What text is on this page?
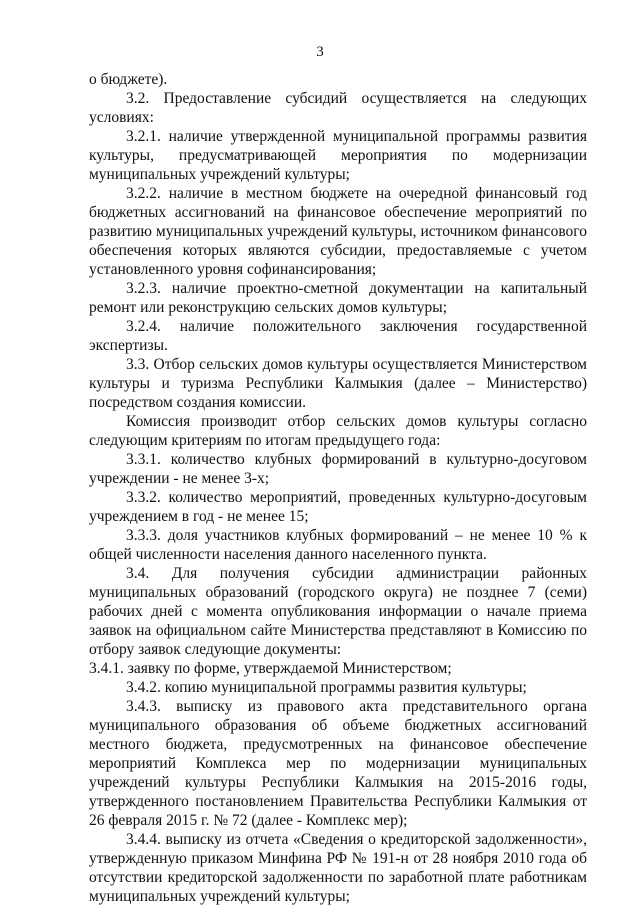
3

о бюджете).

3.2. Предоставление субсидий осуществляется на следующих условиях:

3.2.1. наличие утвержденной муниципальной программы развития культуры, предусматривающей мероприятия по модернизации муниципальных учреждений культуры;

3.2.2. наличие в местном бюджете на очередной финансовый год бюджетных ассигнований на финансовое обеспечение мероприятий по развитию муниципальных учреждений культуры, источником финансового обеспечения которых являются субсидии, предоставляемые с учетом установленного уровня софинансирования;

3.2.3. наличие проектно-сметной документации на капитальный ремонт или реконструкцию сельских домов культуры;

3.2.4. наличие положительного заключения государственной экспертизы.

3.3. Отбор сельских домов культуры осуществляется Министерством культуры и туризма Республики Калмыкия (далее – Министерство) посредством создания комиссии.

Комиссия производит отбор сельских домов культуры согласно следующим критериям по итогам предыдущего года:

3.3.1. количество клубных формирований в культурно-досуговом учреждении - не менее 3-х;

3.3.2. количество мероприятий, проведенных культурно-досуговым учреждением в год - не менее 15;

3.3.3. доля участников клубных формирований – не менее 10 % к общей численности населения данного населенного пункта.

3.4. Для получения субсидии администрации районных муниципальных образований (городского округа) не позднее 7 (семи) рабочих дней с момента опубликования информации о начале приема заявок на официальном сайте Министерства представляют в Комиссию по отбору заявок следующие документы:

3.4.1. заявку по форме, утверждаемой Министерством;

3.4.2. копию муниципальной программы развития культуры;

3.4.3. выписку из правового акта представительного органа муниципального образования об объеме бюджетных ассигнований местного бюджета, предусмотренных на финансовое обеспечение мероприятий Комплекса мер по модернизации муниципальных учреждений культуры Республики Калмыкия на 2015-2016 годы, утвержденного постановлением Правительства Республики Калмыкия от 26 февраля 2015 г. № 72 (далее - Комплекс мер);

3.4.4. выписку из отчета «Сведения о кредиторской задолженности», утвержденную приказом Минфина РФ № 191-н от 28 ноября 2010 года об отсутствии кредиторской задолженности по заработной плате работникам муниципальных учреждений культуры;
